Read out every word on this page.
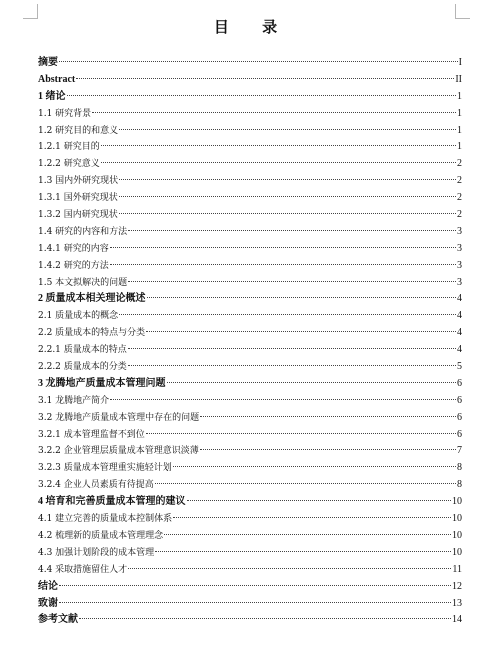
目 录
摘要	I
Abstract	II
1 绪论	1
1.1 研究背景	1
1.2 研究目的和意义	1
1.2.1 研究目的	1
1.2.2 研究意义	2
1.3 国内外研究现状	2
1.3.1 国外研究现状	2
1.3.2 国内研究现状	2
1.4 研究的内容和方法	3
1.4.1 研究的内容	3
1.4.2 研究的方法	3
1.5 本文拟解决的问题	3
2 质量成本相关理论概述	4
2.1 质量成本的概念	4
2.2 质量成本的特点与分类	4
2.2.1 质量成本的特点	4
2.2.2 质量成本的分类	5
3 龙腾地产质量成本管理问题	6
3.1 龙腾地产简介	6
3.2 龙腾地产质量成本管理中存在的问题	6
3.2.1 成本管理监督不到位	6
3.2.2 企业管理层质量成本管理意识淡薄	7
3.2.3 质量成本管理重实施轻计划	8
3.2.4 企业人员素质有待提高	8
4 培育和完善质量成本管理的建议	10
4.1 建立完善的质量成本控制体系	10
4.2 梳理新的质量成本管理理念	10
4.3 加强计划阶段的成本管理	10
4.4 采取措施留住人才	11
结论	12
致谢	13
参考文献	14
